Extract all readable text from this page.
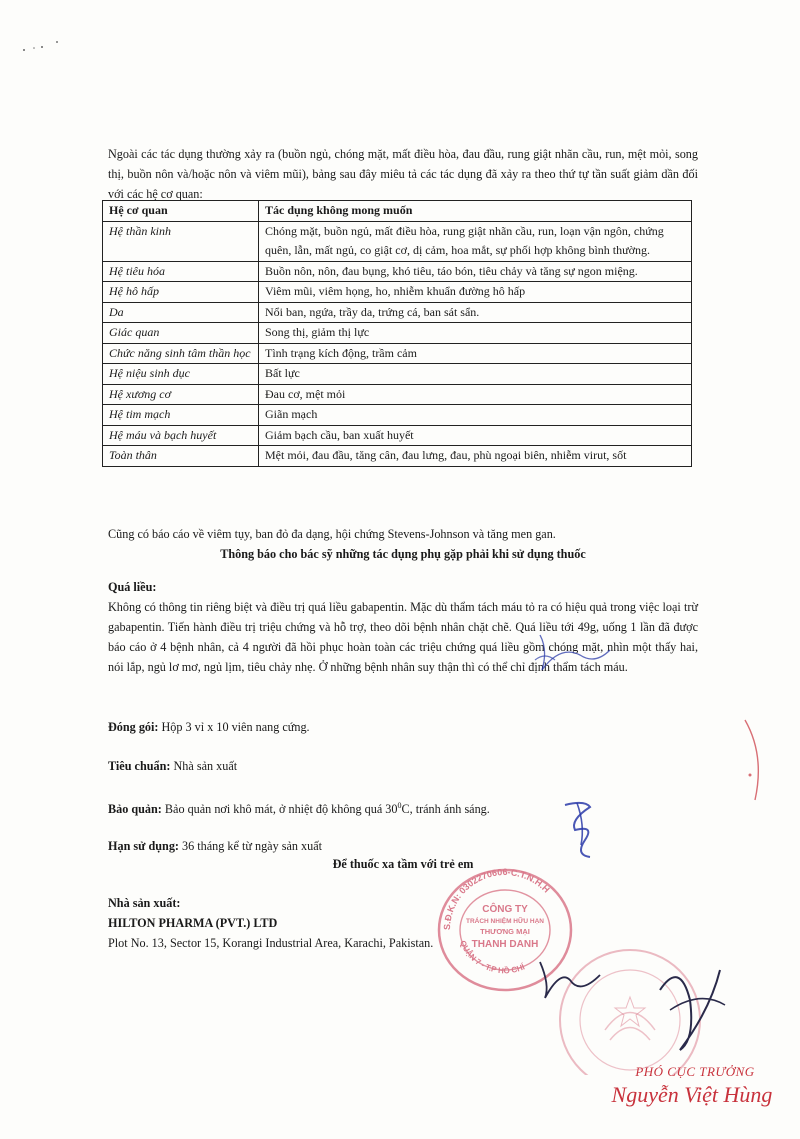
Ngoài các tác dụng thường xảy ra (buồn ngủ, chóng mặt, mất điều hòa, đau đầu, rung giật nhãn cầu, run, mệt mỏi, song thị, buồn nôn và/hoặc nôn và viêm mũi), bảng sau đây miêu tả các tác dụng đã xảy ra theo thứ tự tần suất giảm dần đối với các hệ cơ quan:

Hệ cơ quan	Tác dụng không mong muốn
Hệ thần kinh	Chóng mặt, buồn ngủ, mất điều hòa, rung giật nhãn cầu, run, loạn vận ngôn, chứng quên, lẫn, mất ngủ, co giật cơ, dị cảm, hoa mắt, sự phối hợp không bình thường.
Hệ tiêu hóa	Buồn nôn, nôn, đau bụng, khó tiêu, táo bón, tiêu chảy và tăng sự ngon miệng.
Hệ hô hấp	Viêm mũi, viêm họng, ho, nhiễm khuẩn đường hô hấp
Da	Nổi ban, ngứa, trầy da, trứng cá, ban sát sẩn.
Giác quan	Song thị, giảm thị lực
Chức năng sinh tâm thần học	Tình trạng kích động, trầm cảm
Hệ niệu sinh dục	Bất lực
Hệ xương cơ	Đau cơ, mệt mỏi
Hệ tim mạch	Giãn mạch
Hệ máu và bạch huyết	Giảm bạch cầu, ban xuất huyết
Toàn thân	Mệt mỏi, đau đầu, tăng cân, đau lưng, đau, phù ngoại biên, nhiễm virut, sốt

Cũng có báo cáo về viêm tụy, ban đỏ đa dạng, hội chứng Stevens-Johnson và tăng men gan.

Thông báo cho bác sỹ những tác dụng phụ gặp phải khi sử dụng thuốc

Quá liều:

Không có thông tin riêng biệt và điều trị quá liều gabapentin. Mặc dù thẩm tách máu tỏ ra có hiệu quả trong việc loại trừ gabapentin. Tiến hành điều trị triệu chứng và hỗ trợ, theo dõi bệnh nhân chặt chẽ. Quá liều tới 49g, uống 1 lần đã được báo cáo ở 4 bệnh nhân, cả 4 người đã hồi phục hoàn toàn các triệu chứng quá liều gồm chóng mặt, nhìn một thấy hai, nói lắp, ngủ lơ mơ, ngủ lịm, tiêu chảy nhẹ. Ở những bệnh nhân suy thận thì có thể chỉ định thẩm tách máu.

Đóng gói: Hộp 3 vỉ x 10 viên nang cứng.

Tiêu chuẩn: Nhà sản xuất

Bảo quản: Bảo quản nơi khô mát, ở nhiệt độ không quá $30^0C$, tránh ánh sáng.

Hạn sử dụng: 36 tháng kể từ ngày sản xuất

Để thuốc xa tầm với trẻ em

Nhà sản xuất:

HILTON PHARMA (PVT.) LTD

Plot No. 13, Sector 15, Korangi Industrial Area, Karachi, Pakistan.

S.Đ.K.N: 0302270606-C.T.N.H.H
QUẬN 7 - T.P HỒ CHÍ
CÔNG TY
TRÁCH NHIỆM HỮU HẠN
THƯƠNG MẠI
THANH DANH
PHÓ CỤC TRƯỞNG
Nguyễn Việt Hùng
